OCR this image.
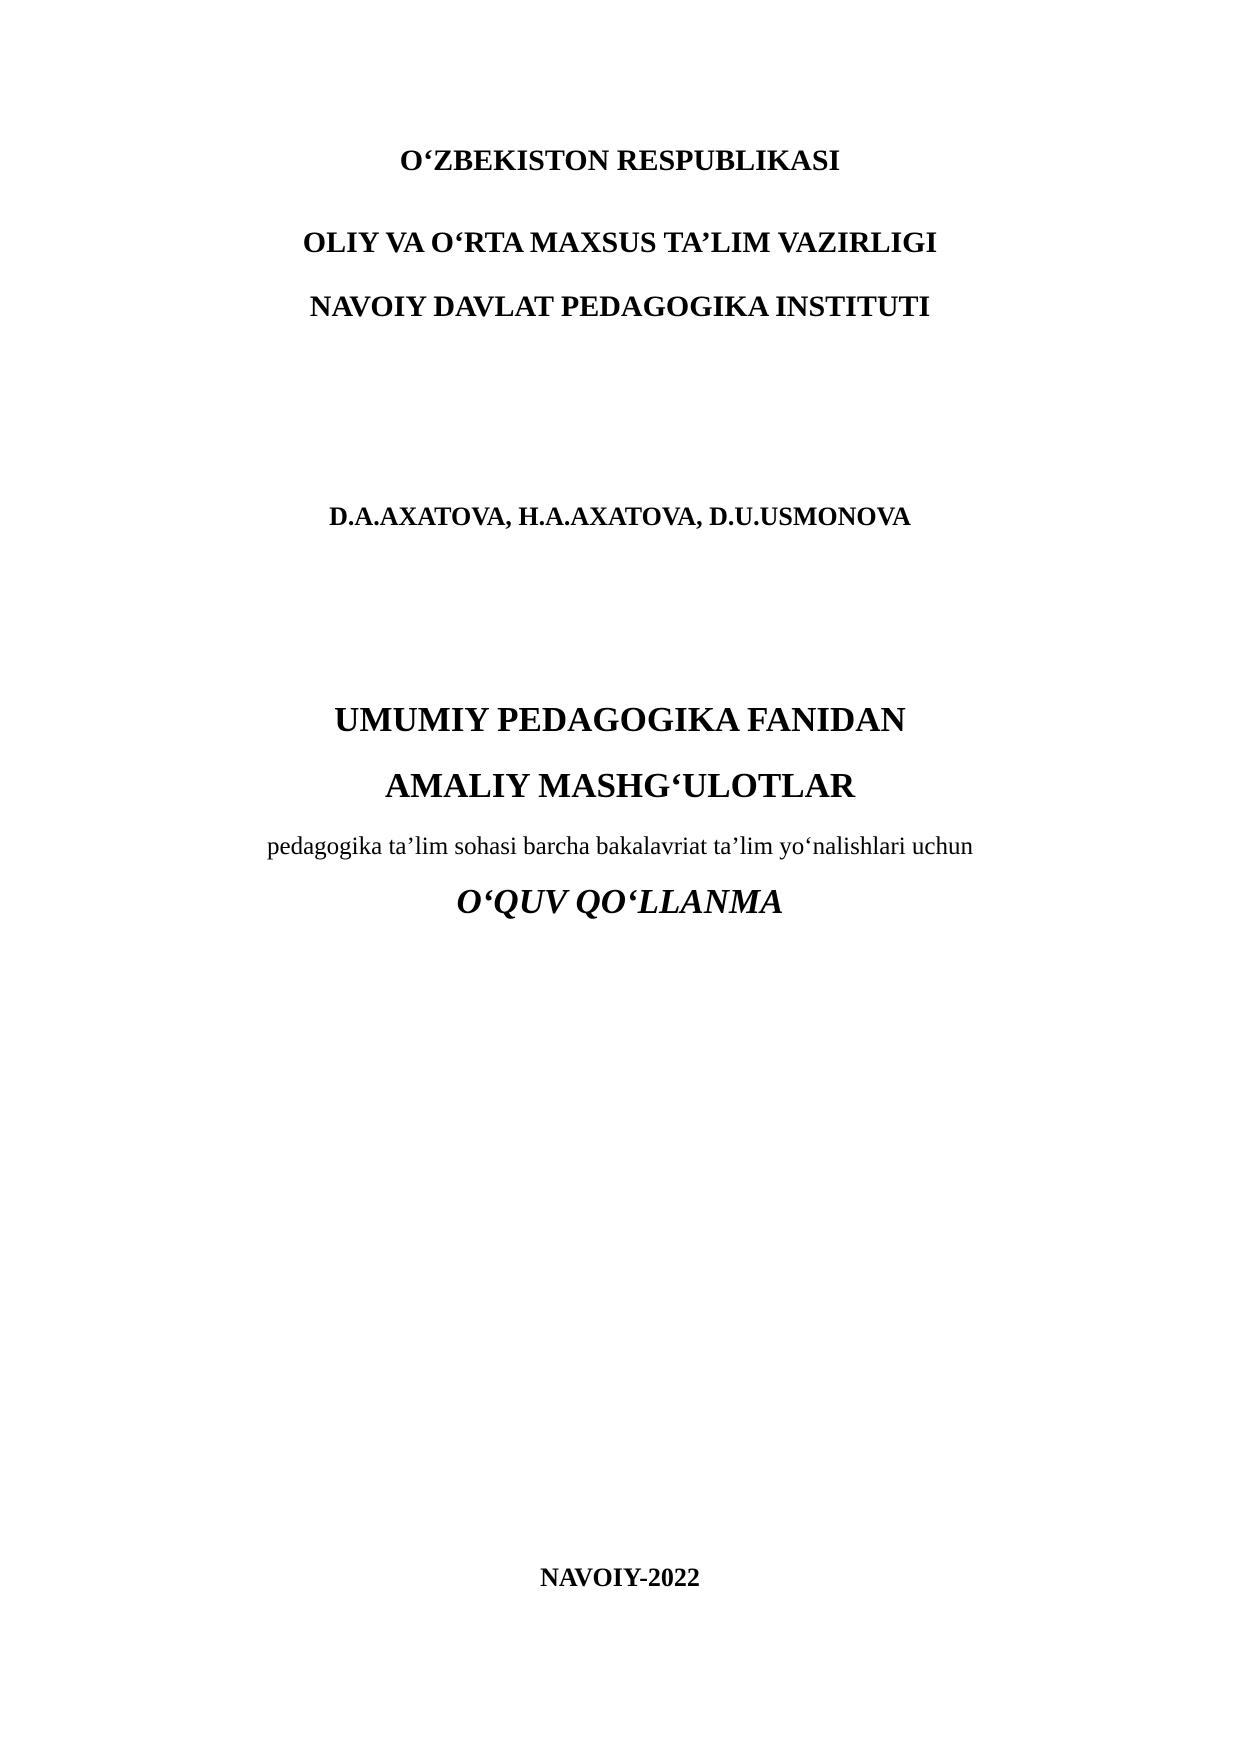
O‘ZBEKISTON RESPUBLIKASI

OLIY VA O‘RTA MAXSUS TA’LIM VAZIRLIGI

NAVOIY DAVLAT PEDAGOGIKA INSTITUTI

D.A.AXATOVA, H.A.AXATOVA, D.U.USMONOVA

UMUMIY PEDAGOGIKA FANIDAN

AMALIY MASHG‘ULOTLAR

pedagogika ta’lim sohasi barcha bakalavriat ta’lim yo‘nalishlari uchun

O‘QUV QO‘LLANMA

NAVOIY-2022
